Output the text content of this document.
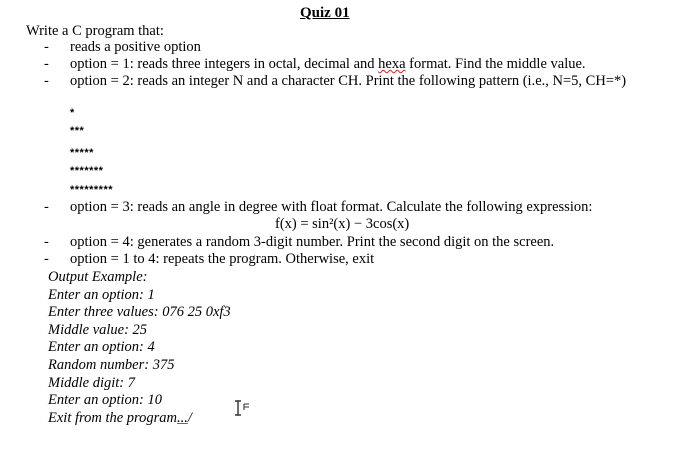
Quiz 01
Write a C program that:
-	reads a positive option
-	option = 1: reads three integers in octal, decimal and hexa format. Find the middle value.
-	option = 2: reads an integer N and a character CH. Print the following pattern (i.e., N=5, CH=*)
*
***
*****
*******
*********
-	option = 3: reads an angle in degree with float format. Calculate the following expression:
f(x) = sin²(x) − 3cos(x)
-	option = 4: generates a random 3-digit number. Print the second digit on the screen.
-	option = 1 to 4: repeats the program. Otherwise, exit
Output Example:
Enter an option: 1
Enter three values: 076 25 0xf3
Middle value: 25
Enter an option: 4
Random number: 375
Middle digit: 7
Enter an option: 10
Exit from the program.../
